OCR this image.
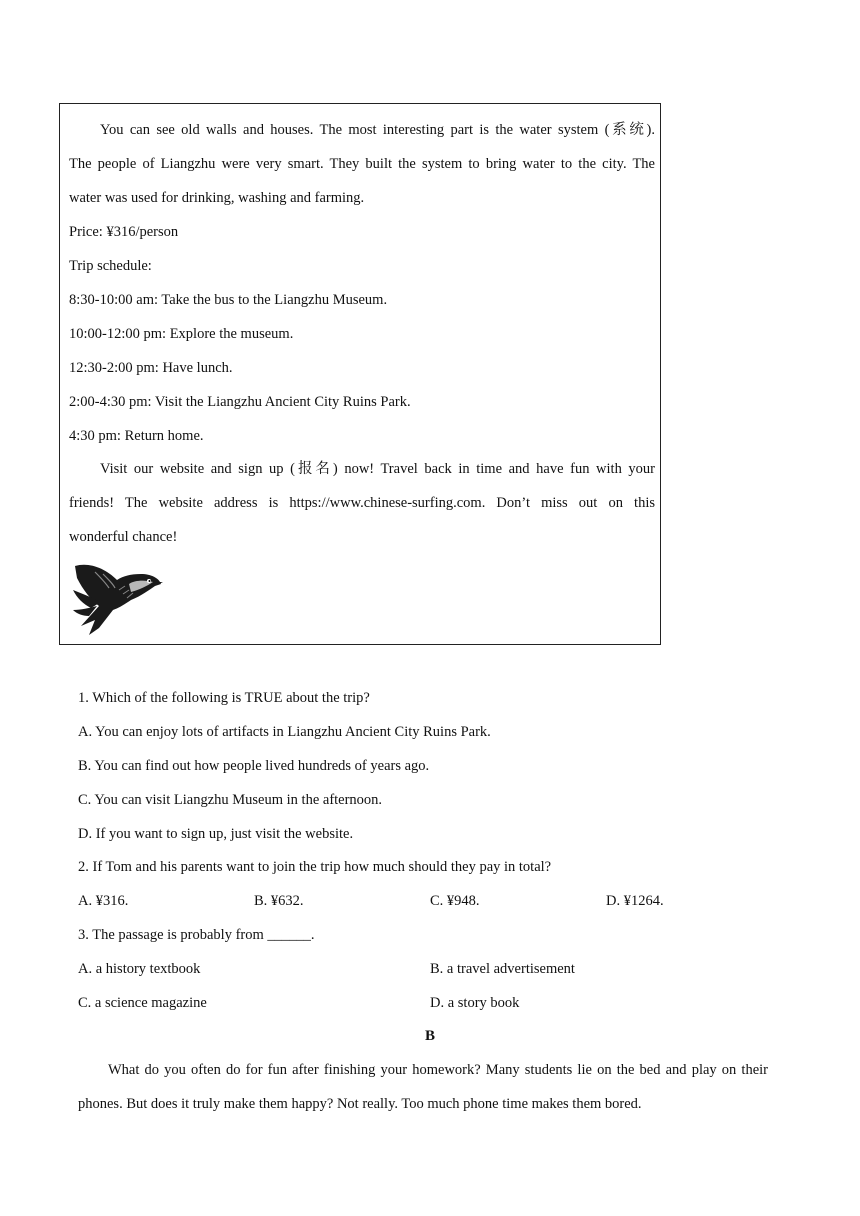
You can see old walls and houses. The most interesting part is the water system (系统).
The people of Liangzhu were very smart. They built the system to bring water to the city. The
water was used for drinking, washing and farming.
Price: ¥316/person
Trip schedule:
8:30-10:00 am: Take the bus to the Liangzhu Museum.
10:00-12:00 pm: Explore the museum.
12:30-2:00 pm: Have lunch.
2:00-4:30 pm: Visit the Liangzhu Ancient City Ruins Park.
4:30 pm: Return home.
Visit our website and sign up (报名) now! Travel back in time and have fun with your
friends! The website address is https://www.chinese-surfing.com. Don’t miss out on this
wonderful chance!
1. Which of the following is TRUE about the trip?
A. You can enjoy lots of artifacts in Liangzhu Ancient City Ruins Park.
B. You can find out how people lived hundreds of years ago.
C. You can visit Liangzhu Museum in the afternoon.
D. If you want to sign up, just visit the website.
2. If Tom and his parents want to join the trip how much should they pay in total?
A. ¥316.	B. ¥632.	C. ¥948.	D. ¥1264.
3. The passage is probably from ______.
A. a history textbook	B. a travel advertisement
C. a science magazine	D. a story book
B
What do you often do for fun after finishing your homework? Many students lie on the bed and play on their
phones. But does it truly make them happy? Not really. Too much phone time makes them bored.
